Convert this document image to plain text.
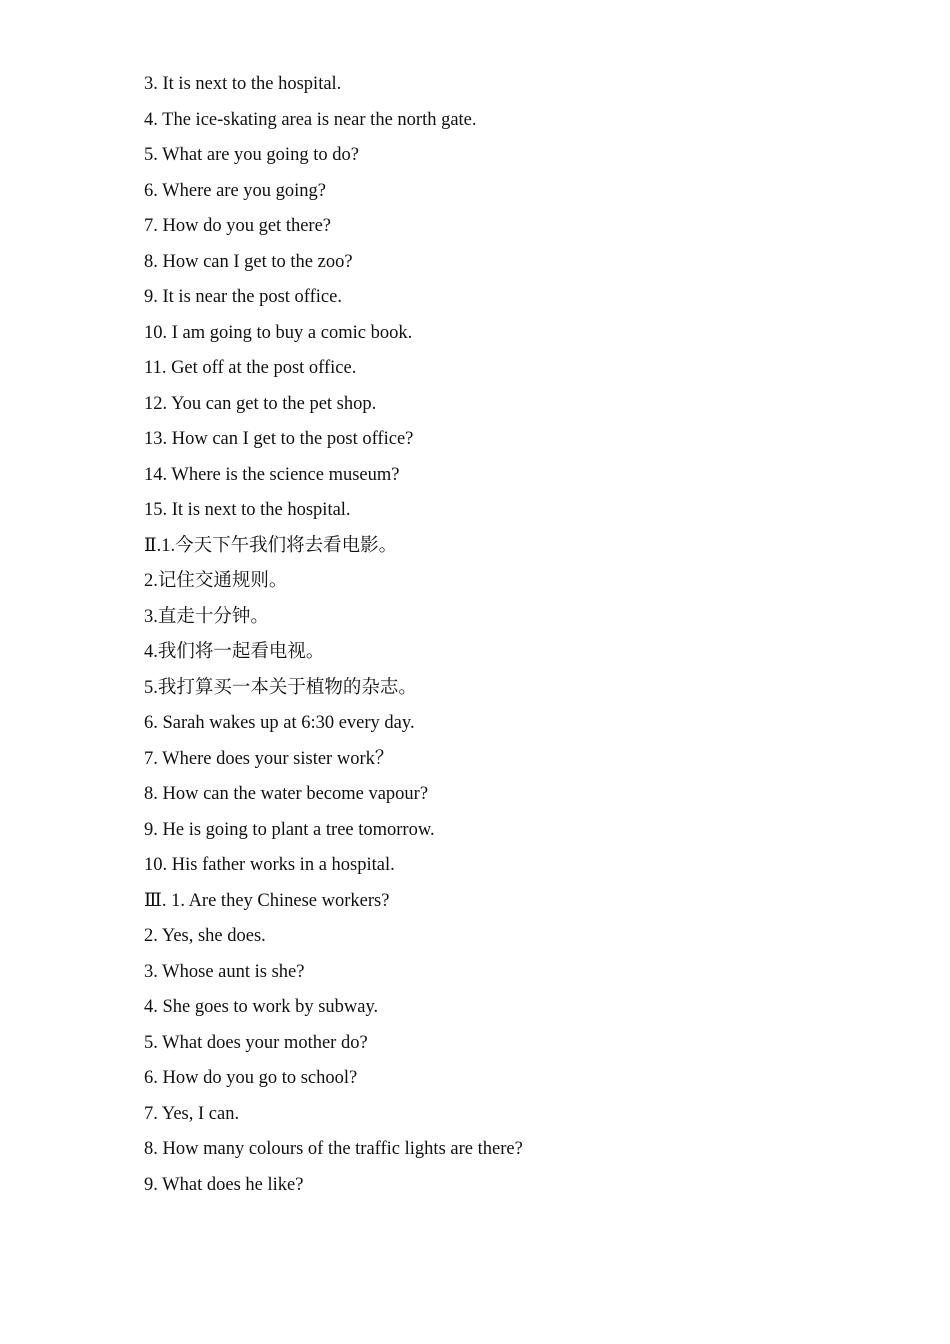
3. It is next to the hospital.
4. The ice-skating area is near the north gate.
5. What are you going to do?
6. Where are you going?
7. How do you get there?
8. How can I get to the zoo?
9. It is near the post office.
10. I am going to buy a comic book.
11. Get off at the post office.
12. You can get to the pet shop.
13. How can I get to the post office?
14. Where is the science museum?
15. It is next to the hospital.
Ⅱ.1.今天下午我们将去看电影。
2.记住交通规则。
3.直走十分钟。
4.我们将一起看电视。
5.我打算买一本关于植物的杂志。
6. Sarah wakes up at 6:30 every day.
7. Where does your sister work？
8. How can the water become vapour?
9. He is going to plant a tree tomorrow.
10. His father works in a hospital.
Ⅲ. 1. Are they Chinese workers?
2. Yes, she does.
3. Whose aunt is she?
4. She goes to work by subway.
5. What does your mother do?
6. How do you go to school?
7. Yes, I can.
8. How many colours of the traffic lights are there?
9. What does he like?
